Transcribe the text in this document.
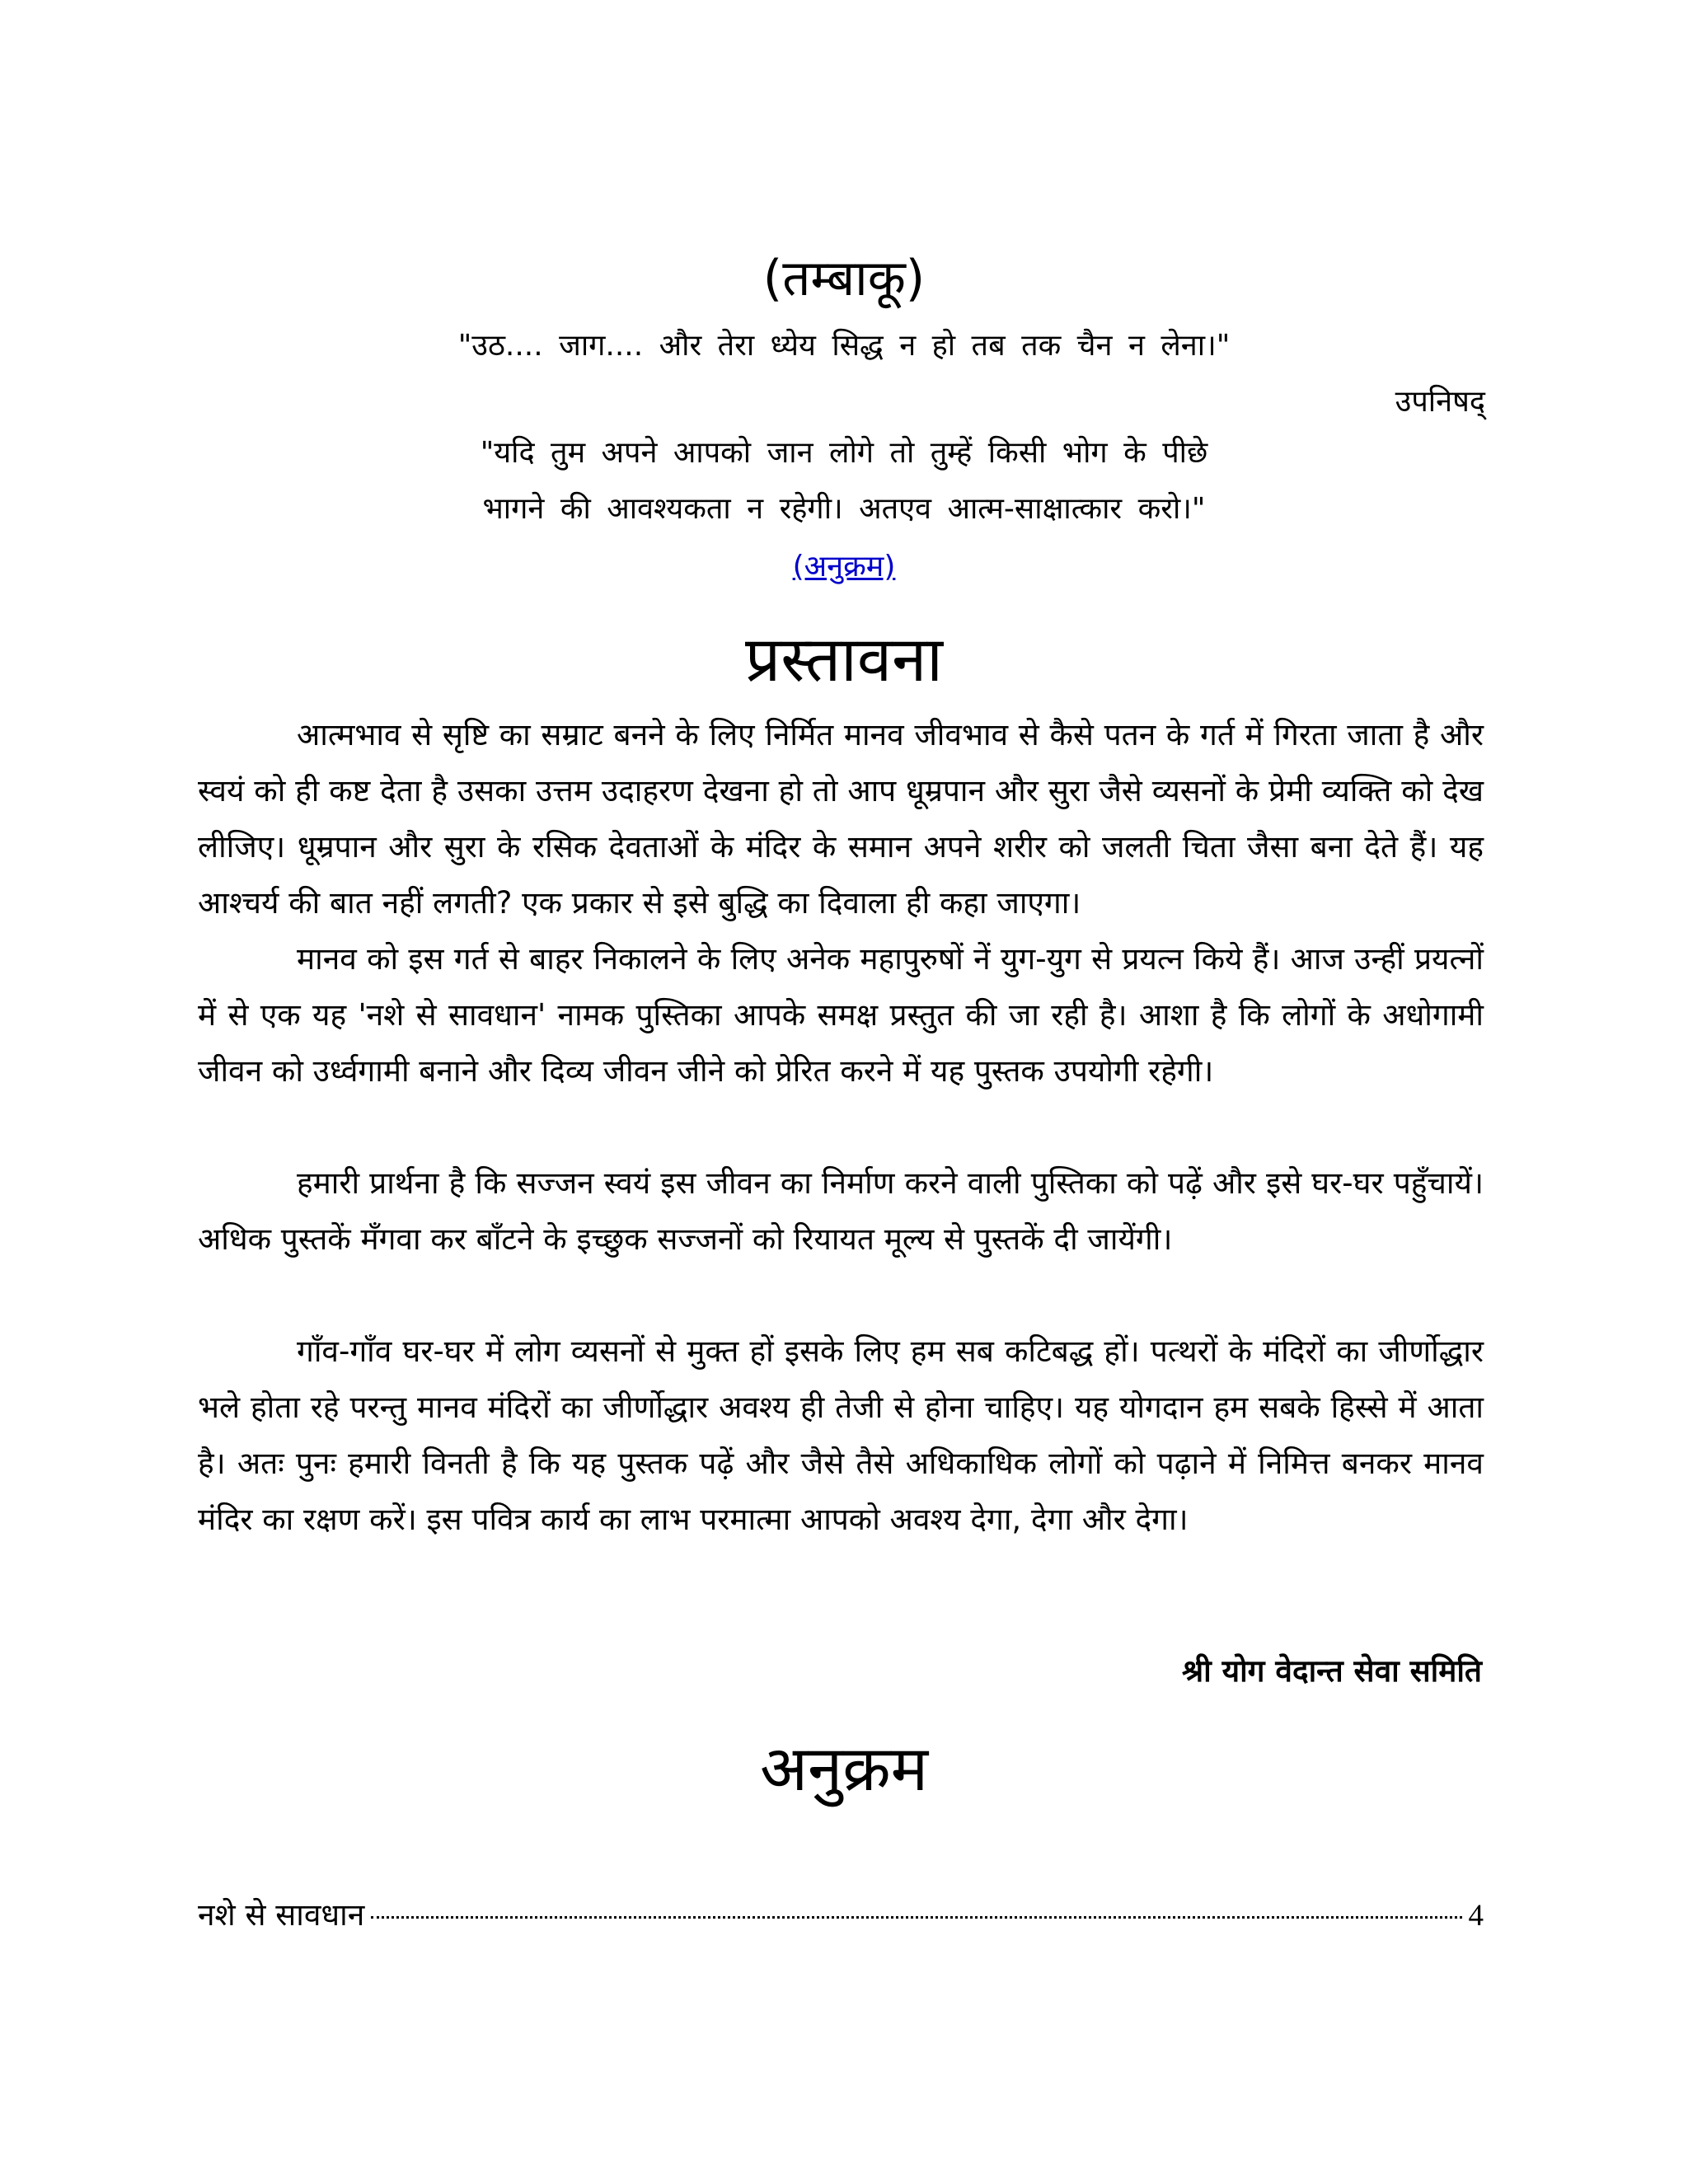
(तम्बाकू)
"उठ.... जाग.... और तेरा ध्येय सिद्ध न हो तब तक चैन न लेना।"
उपनिषद्
"यदि तुम अपने आपको जान लोगे तो तुम्हें किसी भोग के पीछे
भागने की आवश्यकता न रहेगी। अतएव आत्म-साक्षात्कार करो।"
(अनुक्रम)
प्रस्तावना

आत्मभाव से सृष्टि का सम्राट बनने के लिए निर्मित मानव जीवभाव से कैसे पतन के गर्त में गिरता जाता है और स्वयं को ही कष्ट देता है उसका उत्तम उदाहरण देखना हो तो आप धूम्रपान और सुरा जैसे व्यसनों के प्रेमी व्यक्ति को देख लीजिए। धूम्रपान और सुरा के रसिक देवताओं के मंदिर के समान अपने शरीर को जलती चिता जैसा बना देते हैं। यह आश्चर्य की बात नहीं लगती? एक प्रकार से इसे बुद्धि का दिवाला ही कहा जाएगा।

मानव को इस गर्त से बाहर निकालने के लिए अनेक महापुरुषों नें युग-युग से प्रयत्न किये हैं। आज उन्हीं प्रयत्नों में से एक यह 'नशे से सावधान' नामक पुस्तिका आपके समक्ष प्रस्तुत की जा रही है। आशा है कि लोगों के अधोगामी जीवन को उर्ध्वगामी बनाने और दिव्य जीवन जीने को प्रेरित करने में यह पुस्तक उपयोगी रहेगी।

हमारी प्रार्थना है कि सज्जन स्वयं इस जीवन का निर्माण करने वाली पुस्तिका को पढ़ें और इसे घर-घर पहुँचायें। अधिक पुस्तकें मँगवा कर बाँटने के इच्छुक सज्जनों को रियायत मूल्य से पुस्तकें दी जायेंगी।

गाँव-गाँव घर-घर में लोग व्यसनों से मुक्त हों इसके लिए हम सब कटिबद्ध हों। पत्थरों के मंदिरों का जीर्णोद्धार भले होता रहे परन्तु मानव मंदिरों का जीर्णोद्धार अवश्य ही तेजी से होना चाहिए। यह योगदान हम सबके हिस्से में आता है। अतः पुनः हमारी विनती है कि यह पुस्तक पढ़ें और जैसे तैसे अधिकाधिक लोगों को पढ़ाने में निमित्त बनकर मानव मंदिर का रक्षण करें। इस पवित्र कार्य का लाभ परमात्मा आपको अवश्य देगा, देगा और देगा।

श्री योग वेदान्त सेवा समिति
अनुक्रम
नशे से सावधान	4
